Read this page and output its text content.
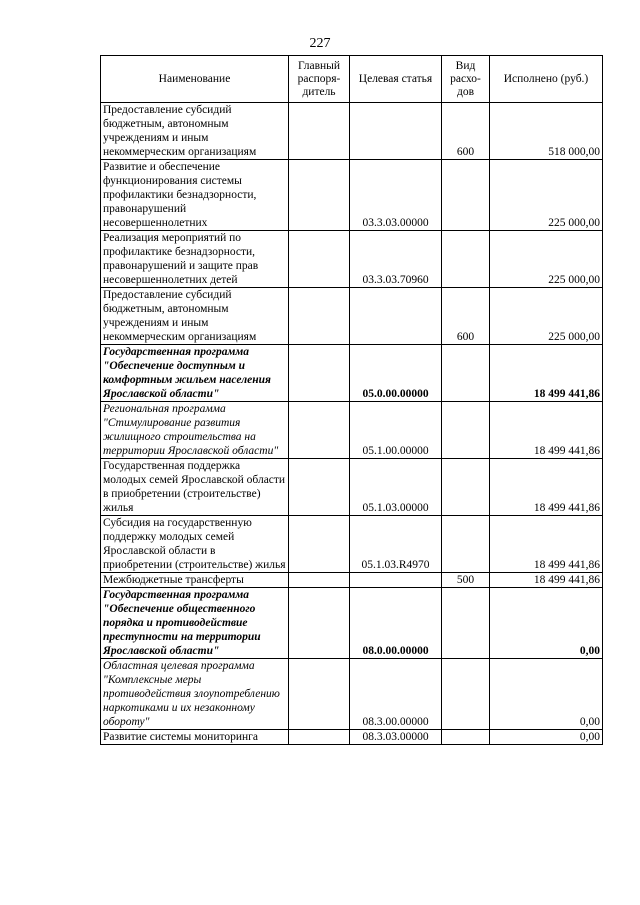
227
Наименование	Главный распоря-дитель	Целевая статья	Вид расхо-дов	Исполнено (руб.)
Предоставление субсидий бюджетным, автономным учреждениям и иным некоммерческим организациям			600	518 000,00
Развитие и обеспечение функционирования системы профилактики безнадзорности, правонарушений несовершеннолетних		03.3.03.00000		225 000,00
Реализация мероприятий по профилактике безнадзорности, правонарушений и защите прав несовершеннолетних детей		03.3.03.70960		225 000,00
Предоставление субсидий бюджетным, автономным учреждениям и иным некоммерческим организациям			600	225 000,00
Государственная программа "Обеспечение доступным и комфортным жильем населения Ярославской области"		05.0.00.00000		18 499 441,86
Региональная программа "Стимулирование развития жилищного строительства на территории Ярославской области"		05.1.00.00000		18 499 441,86
Государственная поддержка молодых семей Ярославской области в приобретении (строительстве) жилья		05.1.03.00000		18 499 441,86
Субсидия на государственную поддержку молодых семей Ярославской области в приобретении (строительстве) жилья		05.1.03.R4970		18 499 441,86
Межбюджетные трансферты			500	18 499 441,86
Государственная программа "Обеспечение общественного порядка и противодействие преступности на территории Ярославской области"		08.0.00.00000		0,00
Областная целевая программа "Комплексные меры противодействия злоупотреблению наркотиками и их незаконному обороту"		08.3.00.00000		0,00
Развитие системы мониторинга		08.3.03.00000		0,00
